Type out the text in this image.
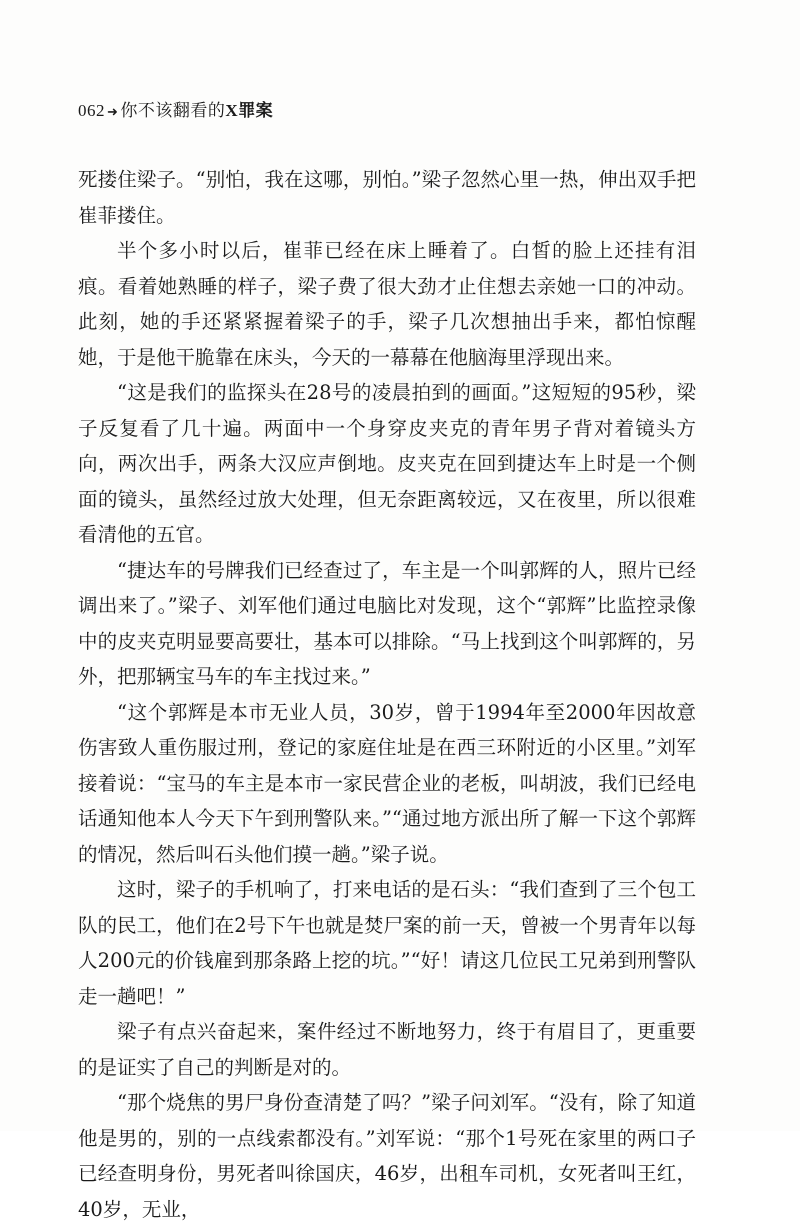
062 ➜ 你不该翻看的X罪案

死搂住梁子。“别怕，我在这哪，别怕。”梁子忽然心里一热，伸出双手把崔菲搂住。

半个多小时以后，崔菲已经在床上睡着了。白皙的脸上还挂有泪痕。看着她熟睡的样子，梁子费了很大劲才止住想去亲她一口的冲动。此刻，她的手还紧紧握着梁子的手，梁子几次想抽出手来，都怕惊醒她，于是他干脆靠在床头，今天的一幕幕在他脑海里浮现出来。

“这是我们的监探头在28号的凌晨拍到的画面。”这短短的95秒，梁子反复看了几十遍。两面中一个身穿皮夹克的青年男子背对着镜头方向，两次出手，两条大汉应声倒地。皮夹克在回到捷达车上时是一个侧面的镜头，虽然经过放大处理，但无奈距离较远，又在夜里，所以很难看清他的五官。

“捷达车的号牌我们已经查过了，车主是一个叫郭辉的人，照片已经调出来了。”梁子、刘军他们通过电脑比对发现，这个“郭辉”比监控录像中的皮夹克明显要高要壮，基本可以排除。“马上找到这个叫郭辉的，另外，把那辆宝马车的车主找过来。”

“这个郭辉是本市无业人员，30岁，曾于1994年至2000年因故意伤害致人重伤服过刑，登记的家庭住址是在西三环附近的小区里。”刘军接着说：“宝马的车主是本市一家民营企业的老板，叫胡波，我们已经电话通知他本人今天下午到刑警队来。”“通过地方派出所了解一下这个郭辉的情况，然后叫石头他们摸一趟。”梁子说。

这时，梁子的手机响了，打来电话的是石头：“我们查到了三个包工队的民工，他们在2号下午也就是焚尸案的前一天，曾被一个男青年以每人200元的价钱雇到那条路上挖的坑。”“好！请这几位民工兄弟到刑警队走一趟吧！”

梁子有点兴奋起来，案件经过不断地努力，终于有眉目了，更重要的是证实了自己的判断是对的。

“那个烧焦的男尸身份查清楚了吗？”梁子问刘军。“没有，除了知道他是男的，别的一点线索都没有。”刘军说：“那个1号死在家里的两口子已经查明身份，男死者叫徐国庆，46岁，出租车司机，女死者叫王红，40岁，无业，
